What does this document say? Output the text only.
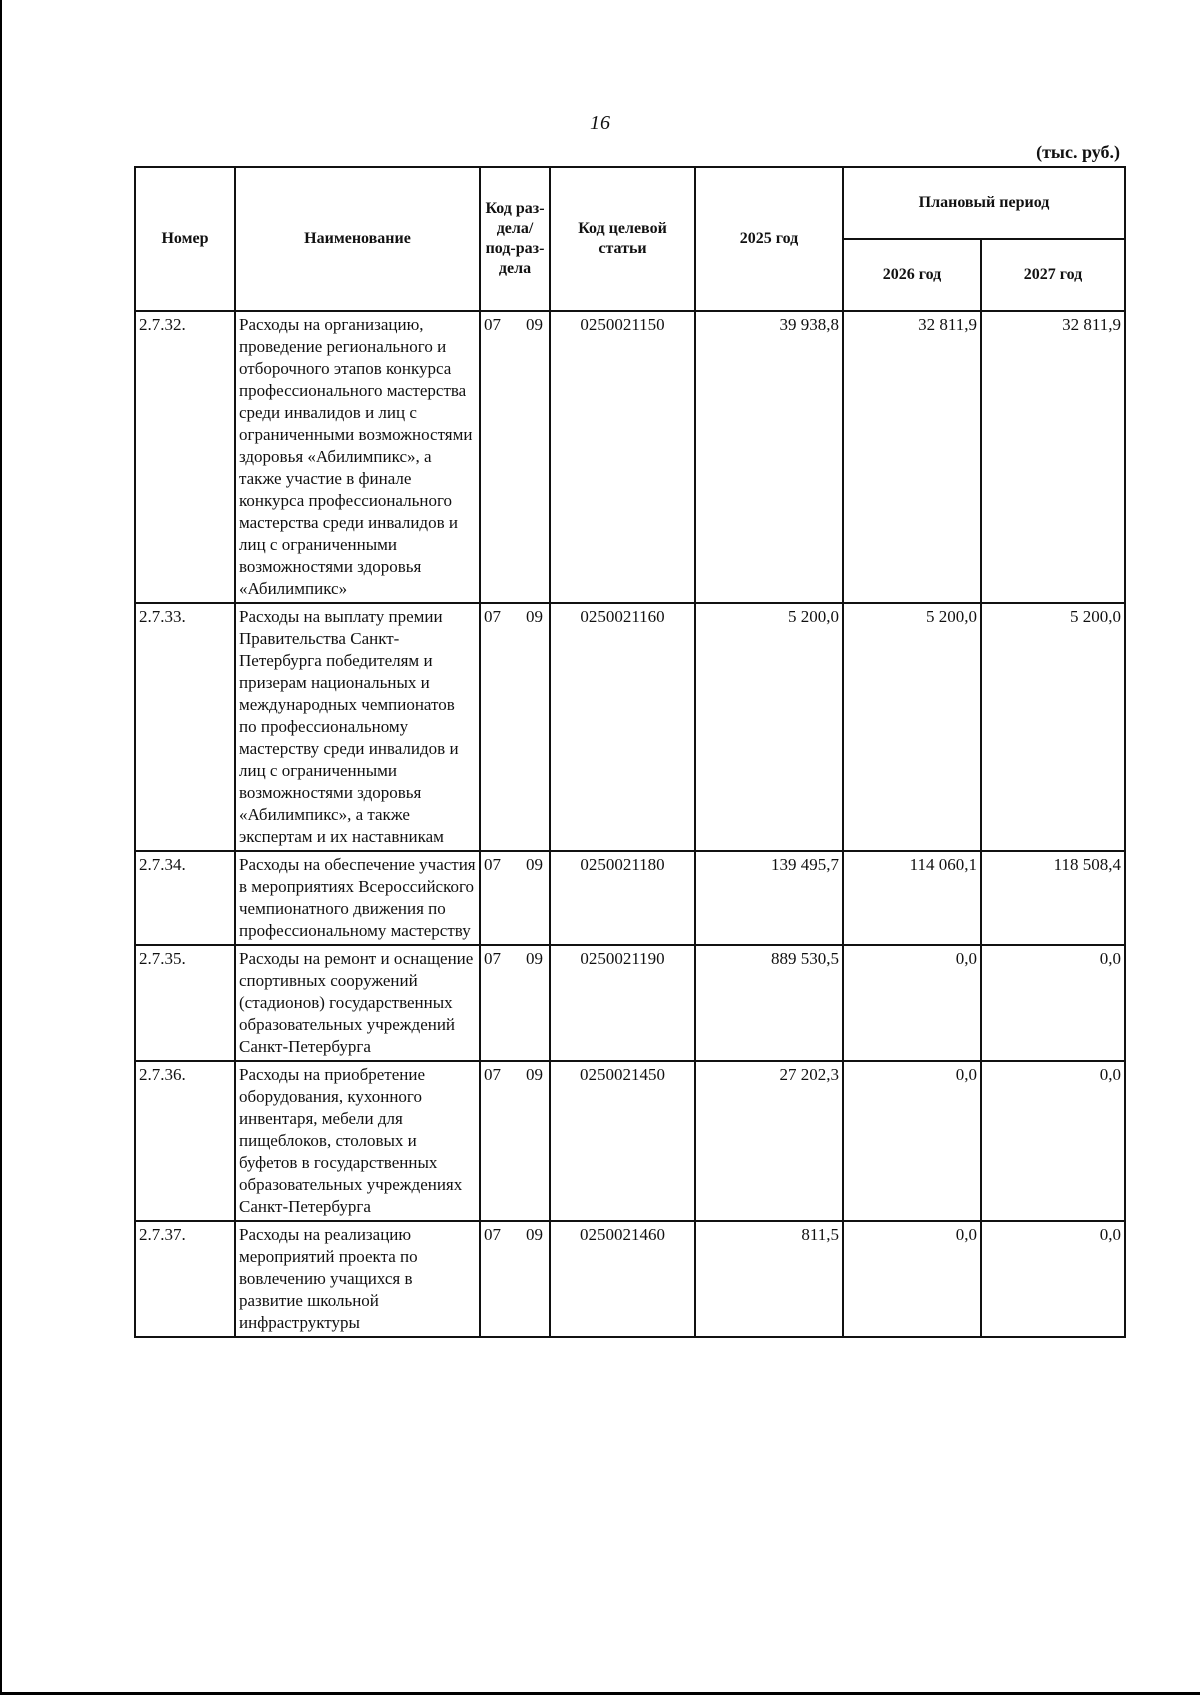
16
(тыс. руб.)
Номер	Наименование	Код раз-дела/ под-раз-дела	Код целевой статьи	2025 год	Плановый период	
					2026 год	2027 год
2.7.32.	Расходы на организацию, проведение регионального и отборочного этапов конкурса профессионального мастерства среди инвалидов и лиц с ограниченными возможностями здоровья «Абилимпикс», а также участие в финале конкурса профессионального мастерства среди инвалидов и лиц с ограниченными возможностями здоровья «Абилимпикс»	07 09	0250021150	39 938,8	32 811,9	32 811,9
2.7.33.	Расходы на выплату премии Правительства Санкт-Петербурга победителям и призерам национальных и международных чемпионатов по профессиональному мастерству среди инвалидов и лиц с ограниченными возможностями здоровья «Абилимпикс», а также экспертам и их наставникам	07 09	0250021160	5 200,0	5 200,0	5 200,0
2.7.34.	Расходы на обеспечение участия в мероприятиях Всероссийского чемпионатного движения по профессиональному мастерству	07 09	0250021180	139 495,7	114 060,1	118 508,4
2.7.35.	Расходы на ремонт и оснащение спортивных сооружений (стадионов) государственных образовательных учреждений Санкт-Петербурга	07 09	0250021190	889 530,5	0,0	0,0
2.7.36.	Расходы на приобретение оборудования, кухонного инвентаря, мебели для пищеблоков, столовых и буфетов в государственных образовательных учреждениях Санкт-Петербурга	07 09	0250021450	27 202,3	0,0	0,0
2.7.37.	Расходы на реализацию мероприятий проекта по вовлечению учащихся в развитие школьной инфраструктуры	07 09	0250021460	811,5	0,0	0,0
